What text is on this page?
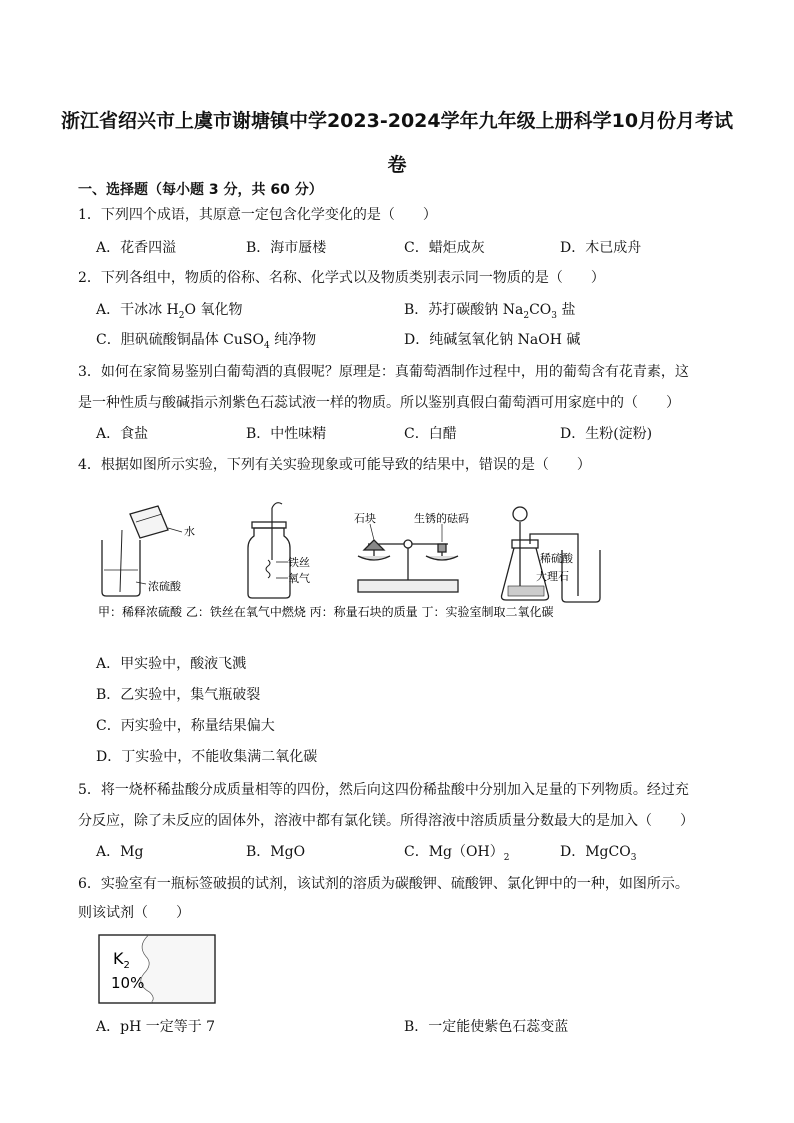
浙江省绍兴市上虞市谢塘镇中学2023-2024学年九年级上册科学10月份月考试
卷
一、选择题（每小题 3 分，共 60 分）
1．下列四个成语，其原意一定包含化学变化的是（　　）
A．花香四溢	B．海市蜃楼	C．蜡炬成灰	D．木已成舟
2．下列各组中，物质的俗称、名称、化学式以及物质类别表示同一物质的是（　　）
A．干冰冰 $H_2O$ 氧化物	B．苏打碳酸钠 $Na_2CO_3$ 盐
C．胆矾硫酸铜晶体 CuSO$_4$ 纯净物	D．纯碱氢氧化钠 NaOH 碱
3．如何在家简易鉴别白葡萄酒的真假呢？原理是：真葡萄酒制作过程中，用的葡萄含有花青素，这
是一种性质与酸碱指示剂紫色石蕊试液一样的物质。所以鉴别真假白葡萄酒可用家庭中的（　　）
A．食盐	B．中性味精	C．白醋	D．生粉(淀粉)
4．根据如图所示实验，下列有关实验现象或可能导致的结果中，错误的是（　　）
水
浓硫酸
铁丝
氧气
石块	生锈的砝码
稀硫酸
大理石
甲：稀释浓硫酸 乙：铁丝在氧气中燃烧 丙：称量石块的质量 丁：实验室制取二氧化碳
A．甲实验中，酸液飞溅
B．乙实验中，集气瓶破裂
C．丙实验中，称量结果偏大
D．丁实验中，不能收集满二氧化碳
5．将一烧杯稀盐酸分成质量相等的四份，然后向这四份稀盐酸中分别加入足量的下列物质。经过充
分反应，除了未反应的固体外，溶液中都有氯化镁。所得溶液中溶质质量分数最大的是加入（　　）
A．Mg	B．MgO	C．$Mg(OH)_2$	D．MgCO$_3$
6．实验室有一瓶标签破损的试剂，该试剂的溶质为碳酸钾、硫酸钾、氯化钾中的一种，如图所示。
则该试剂（　　）
$K_2$
10%
A．pH 一定等于 7	B．一定能使紫色石蕊变蓝
